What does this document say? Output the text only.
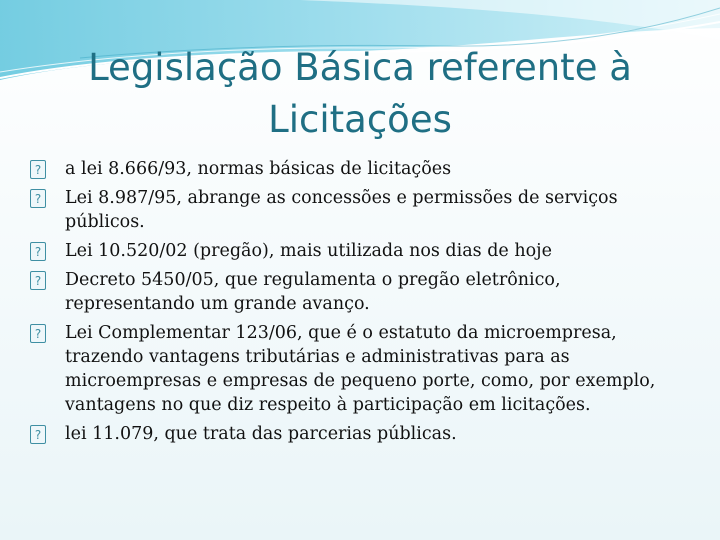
Legislação Básica referente à Licitações
? a lei 8.666/93, normas básicas de licitações
? Lei 8.987/95, abrange as concessões e permissões de serviços públicos.
? Lei 10.520/02 (pregão), mais utilizada nos dias de hoje
? Decreto 5450/05, que regulamenta o pregão eletrônico, representando um grande avanço.
? Lei Complementar 123/06, que é o estatuto da microempresa, trazendo vantagens tributárias e administrativas para as microempresas e empresas de pequeno porte, como, por exemplo, vantagens no que diz respeito à participação em licitações.
? lei 11.079, que trata das parcerias públicas.
